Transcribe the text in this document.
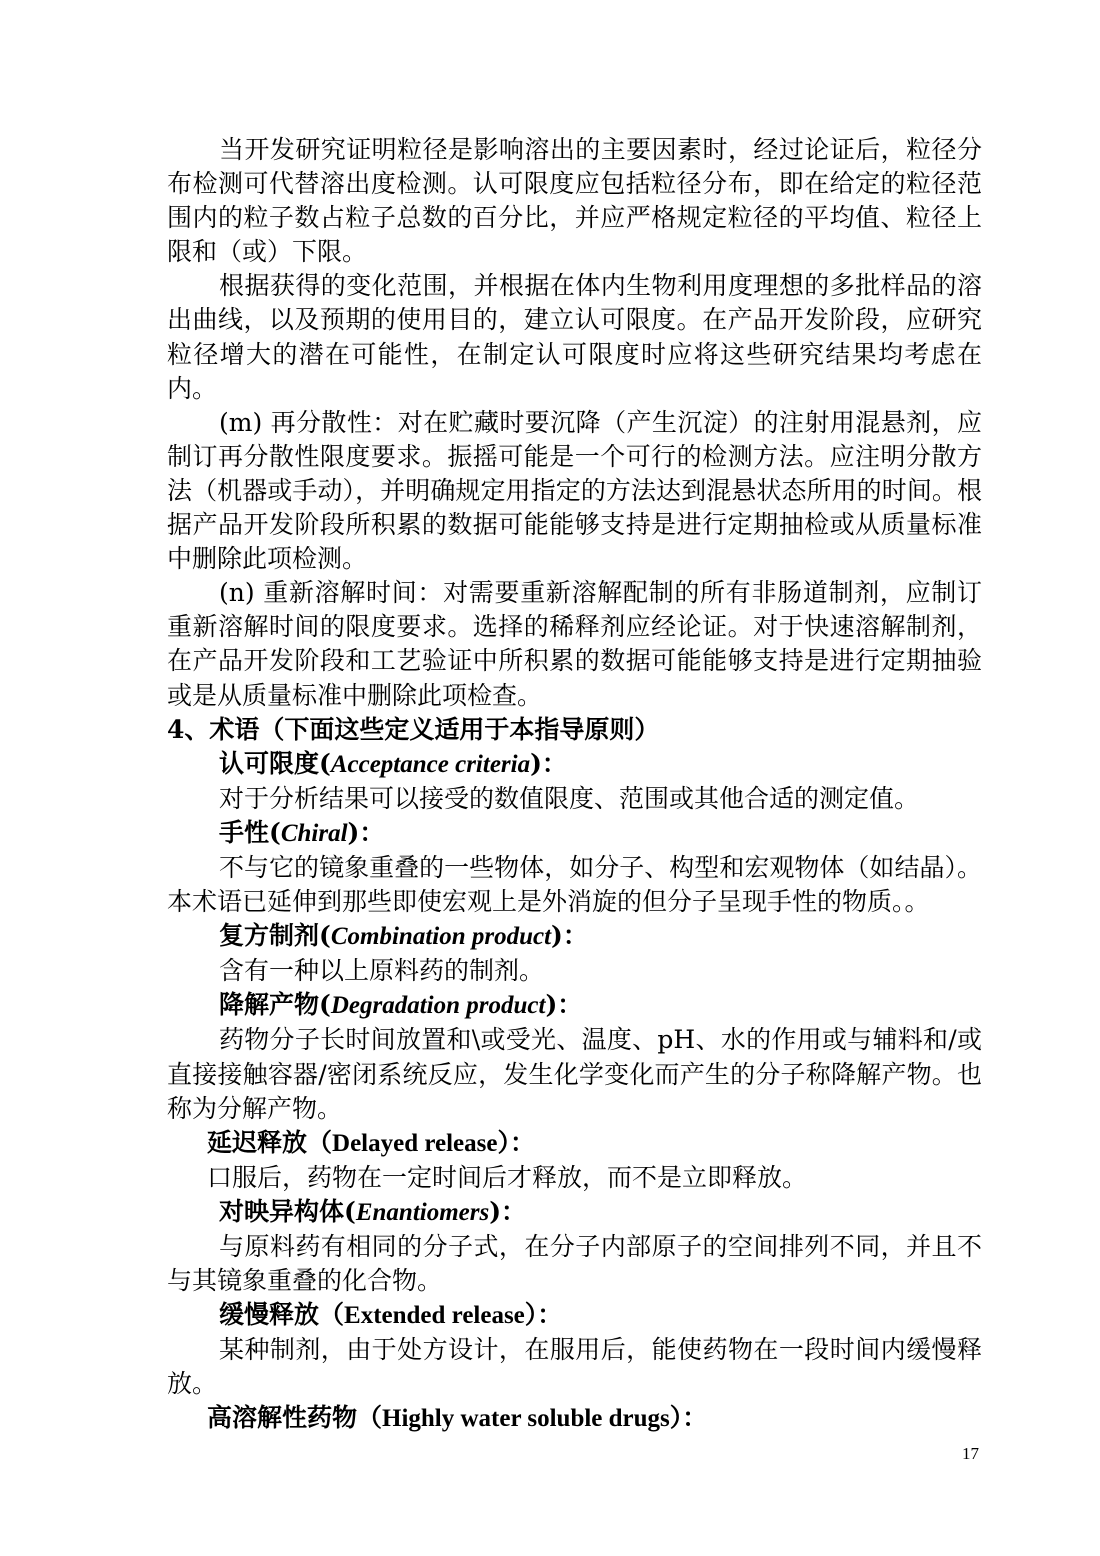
当开发研究证明粒径是影响溶出的主要因素时，经过论证后，粒径分布检测可代替溶出度检测。认可限度应包括粒径分布，即在给定的粒径范围内的粒子数占粒子总数的百分比，并应严格规定粒径的平均值、粒径上限和（或）下限。

根据获得的变化范围，并根据在体内生物利用度理想的多批样品的溶出曲线，以及预期的使用目的，建立认可限度。在产品开发阶段，应研究粒径增大的潜在可能性，在制定认可限度时应将这些研究结果均考虑在内。

(m) 再分散性：对在贮藏时要沉降（产生沉淀）的注射用混悬剂，应制订再分散性限度要求。振摇可能是一个可行的检测方法。应注明分散方法（机器或手动），并明确规定用指定的方法达到混悬状态所用的时间。根据产品开发阶段所积累的数据可能能够支持是进行定期抽检或从质量标准中删除此项检测。

(n) 重新溶解时间：对需要重新溶解配制的所有非肠道制剂，应制订重新溶解时间的限度要求。选择的稀释剂应经论证。对于快速溶解制剂，在产品开发阶段和工艺验证中所积累的数据可能能够支持是进行定期抽验或是从质量标准中删除此项检查。

4、术语（下面这些定义适用于本指导原则）

认可限度(Acceptance criteria)：

对于分析结果可以接受的数值限度、范围或其他合适的测定值。

手性(Chiral)：

不与它的镜象重叠的一些物体，如分子、构型和宏观物体（如结晶）。本术语已延伸到那些即使宏观上是外消旋的但分子呈现手性的物质。。

复方制剂(Combination product)：

含有一种以上原料药的制剂。

降解产物(Degradation product)：

药物分子长时间放置和\或受光、温度、pH、水的作用或与辅料和/或直接接触容器/密闭系统反应，发生化学变化而产生的分子称降解产物。也称为分解产物。

延迟释放（Delayed release）：

口服后，药物在一定时间后才释放，而不是立即释放。

对映异构体(Enantiomers)：

与原料药有相同的分子式，在分子内部原子的空间排列不同，并且不与其镜象重叠的化合物。

缓慢释放（Extended release）：

某种制剂，由于处方设计，在服用后，能使药物在一段时间内缓慢释放。

高溶解性药物（Highly water soluble drugs）：

17
